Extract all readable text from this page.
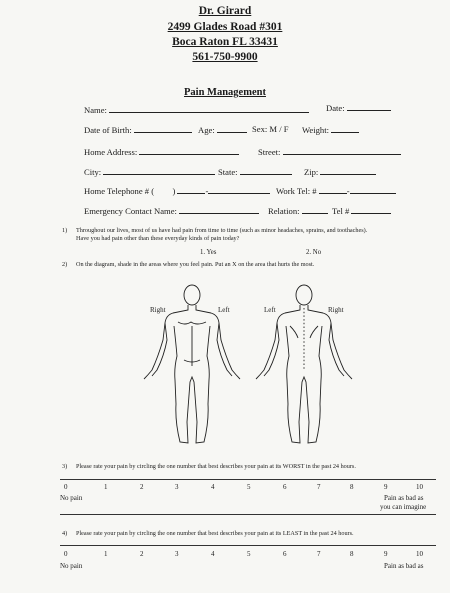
Dr. Girard
2499 Glades Road #301
Boca Raton FL 33431
561-750-9900
Pain Management
Name:	Date:
Date of Birth:	Age:	Sex: M / F Weight:
Home Address:	Street:
City:	State:	Zip:
Home Telephone # ( )	-	Work Tel: #	-
Emergency Contact Name:	Relation:	Tel #
1) Throughout our lives, most of us have had pain from time to time (such as minor headaches, sprains, and toothaches).
Have you had pain other than these everyday kinds of pain today?
1. Yes	2. No
2) On the diagram, shade in the areas where you feel pain. Put an X on the area that hurts the most.
Right	Left	Left	Right
3) Please rate your pain by circling the one number that best describes your pain at its WORST in the past 24 hours.
0	1	2	3	4	5	6	7	8	9	10
No pain	Pain as bad as
you can imagine
4) Please rate your pain by circling the one number that best describes your pain at its LEAST in the past 24 hours.
0	1	2	3	4	5	6	7	8	9	10
No pain	Pain as bad as
